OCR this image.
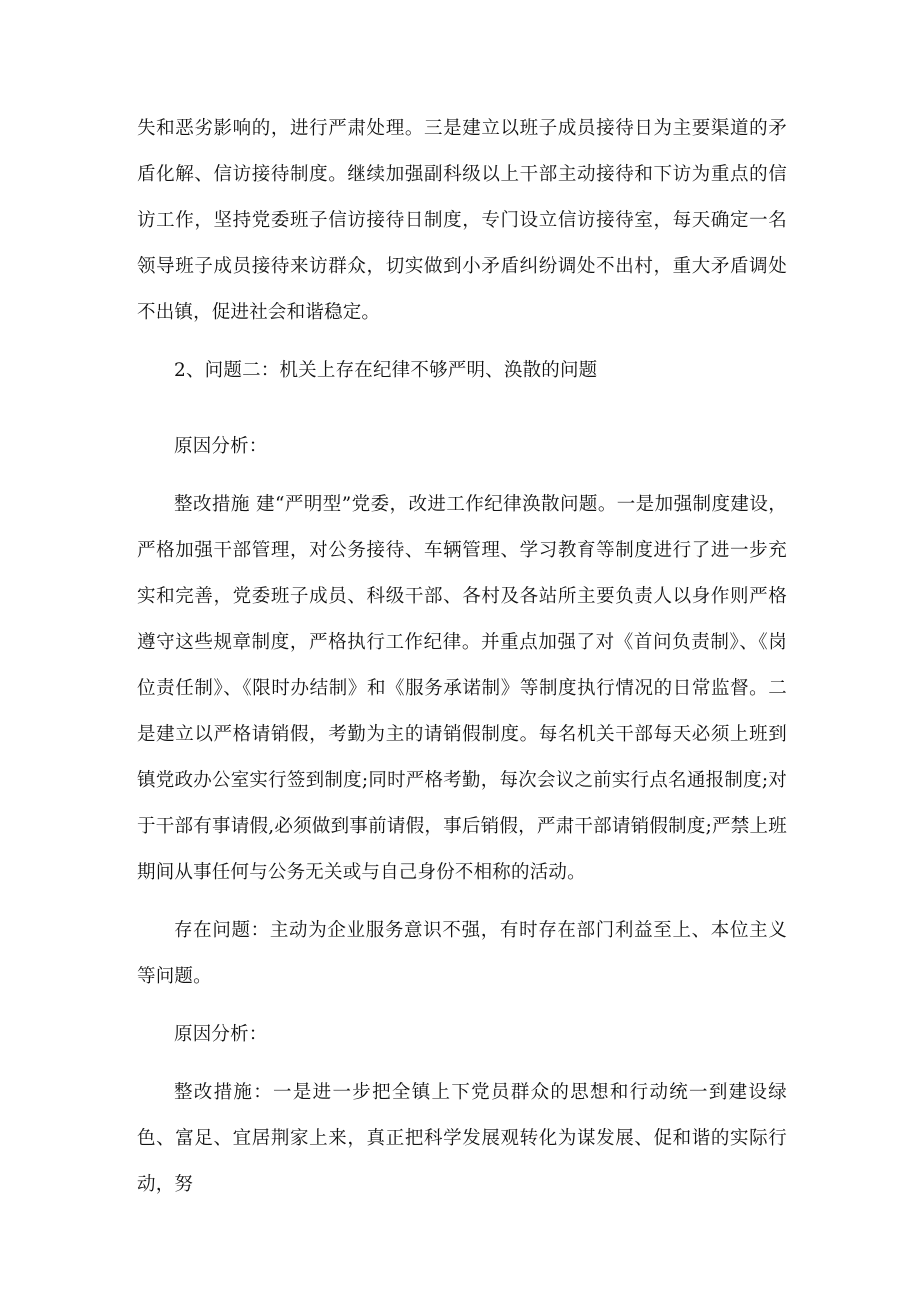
失和恶劣影响的，进行严肃处理。三是建立以班子成员接待日为主要渠道的矛盾化解、信访接待制度。继续加强副科级以上干部主动接待和下访为重点的信访工作，坚持党委班子信访接待日制度，专门设立信访接待室，每天确定一名领导班子成员接待来访群众，切实做到小矛盾纠纷调处不出村，重大矛盾调处不出镇，促进社会和谐稳定。

2、问题二：机关上存在纪律不够严明、涣散的问题

原因分析：

整改措施 建“严明型”党委，改进工作纪律涣散问题。一是加强制度建设，严格加强干部管理，对公务接待、车辆管理、学习教育等制度进行了进一步充实和完善，党委班子成员、科级干部、各村及各站所主要负责人以身作则严格遵守这些规章制度，严格执行工作纪律。并重点加强了对《首问负责制》、《岗位责任制》、《限时办结制》和《服务承诺制》等制度执行情况的日常监督。二是建立以严格请销假，考勤为主的请销假制度。每名机关干部每天必须上班到镇党政办公室实行签到制度;同时严格考勤，每次会议之前实行点名通报制度;对于干部有事请假,必须做到事前请假，事后销假，严肃干部请销假制度;严禁上班期间从事任何与公务无关或与自己身份不相称的活动。

存在问题：主动为企业服务意识不强，有时存在部门利益至上、本位主义等问题。

原因分析：

整改措施：一是进一步把全镇上下党员群众的思想和行动统一到建设绿色、富足、宜居荆家上来，真正把科学发展观转化为谋发展、促和谐的实际行动，努
